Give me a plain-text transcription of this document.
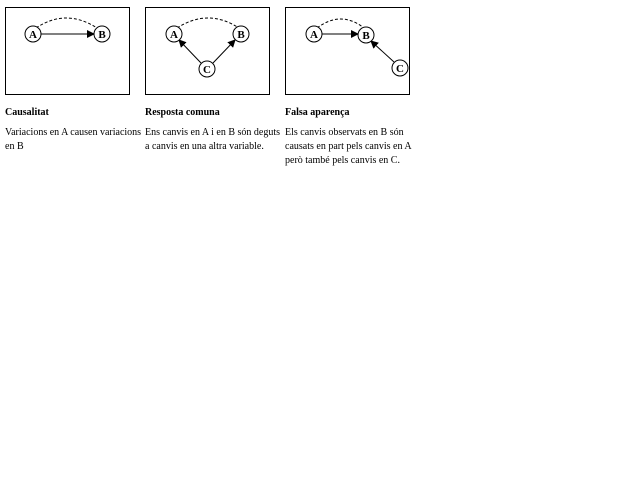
A	B

Causalitat

Variacions en A causen variacions en B

A	B
C

Resposta comuna

Ens canvis en A i en B són deguts a canvis en una altra variable.

A	B
C

Falsa aparença

Els canvis observats en B són causats en part pels canvis en A però també pels canvis en C.
